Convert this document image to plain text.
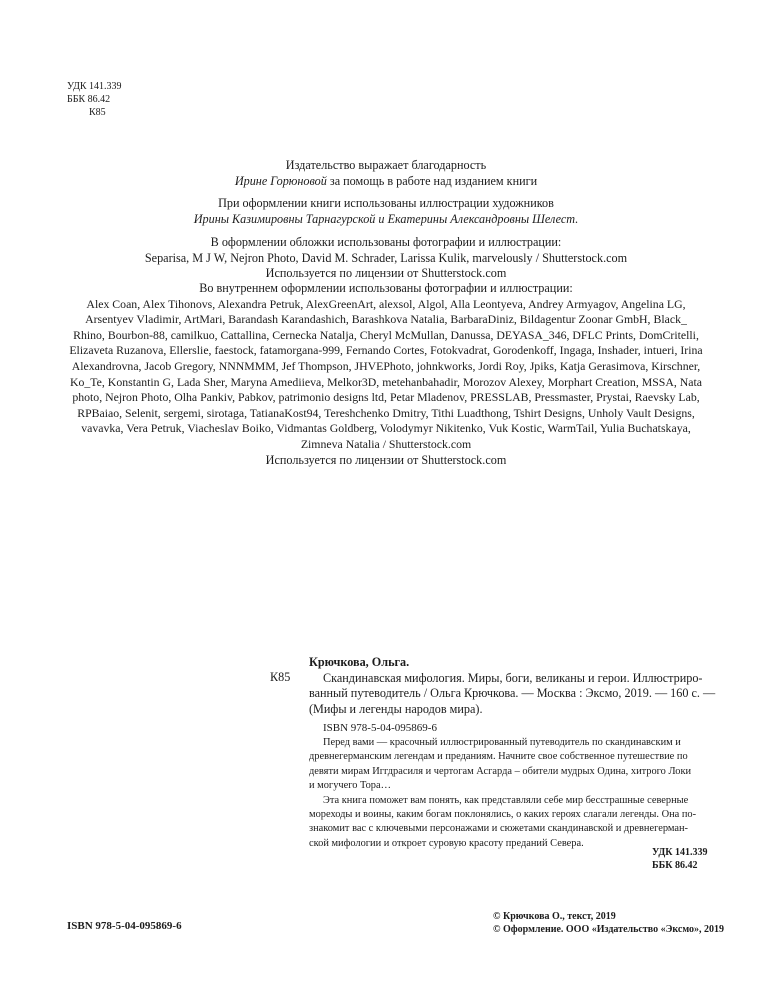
УДК 141.339
ББК 86.42
К85
Издательство выражает благодарность
Ирине Горюновой за помощь в работе над изданием книги
При оформлении книги использованы иллюстрации художников
Ирины Казимировны Тарнагурской и Екатерины Александровны Шелест.
В оформлении обложки использованы фотографии и иллюстрации:
Separisa, M J W, Nejron Photo, David M. Schrader, Larissa Kulik, marvelously / Shutterstock.com
Используется по лицензии от Shutterstock.com
Во внутреннем оформлении использованы фотографии и иллюстрации:
Alex Coan, Alex Tihonovs, Alexandra Petruk, AlexGreenArt, alexsol, Algol, Alla Leontyeva, Andrey Armyagov, Angelina LG,
Arsentyev Vladimir, ArtMari, Barandash Karandashich, Barashkova Natalia, BarbaraDiniz, Bildagentur Zoonar GmbH, Black_
Rhino, Bourbon-88, camilkuo, Cattallina, Cernecka Natalja, Cheryl McMullan, Danussa, DEYASA_346, DFLC Prints, DomCritelli,
Elizaveta Ruzanova, Ellerslie, faestock, fatamorgana-999, Fernando Cortes, Fotokvadrat, Gorodenkoff, Ingaga, Inshader, intueri, Irina
Alexandrovna, Jacob Gregory, NNNMMM, Jef Thompson, JHVEPhoto, johnkworks, Jordi Roy, Jpiks, Katja Gerasimova, Kirschner,
Ko_Te, Konstantin G, Lada Sher, Maryna Amediieva, Melkor3D, metehanbahadir, Morozov Alexey, Morphart Creation, MSSA, Nata
photo, Nejron Photo, Olha Pankiv, Pabkov, patrimonio designs ltd, Petar Mladenov, PRESSLAB, Pressmaster, Prystai, Raevsky Lab,
RPBaiao, Selenit, sergemi, sirotaga, TatianaKost94, Tereshchenko Dmitry, Tithi Luadthong, Tshirt Designs, Unholy Vault Designs,
vavavka, Vera Petruk, Viacheslav Boiko, Vidmantas Goldberg, Volodymyr Nikitenko, Vuk Kostic, WarmTail, Yulia Buchatskaya,
Zimneva Natalia / Shutterstock.com
Используется по лицензии от Shutterstock.com
К85
Крючкова, Ольга.
Скандинавская мифология. Миры, боги, великаны и герои. Иллюстриро-
ванный путеводитель / Ольга Крючкова. — Москва : Эксмо, 2019. — 160 с. —
(Мифы и легенды народов мира).
ISBN 978-5-04-095869-6
Перед вами — красочный иллюстрированный путеводитель по скандинавским и
древнегерманским легендам и преданиям. Начните свое собственное путешествие по
девяти мирам Иггдрасиля и чертогам Асгарда – обители мудрых Одина, хитрого Локи
и могучего Тора…
Эта книга поможет вам понять, как представляли себе мир бесстрашные северные
мореходы и воины, каким богам поклонялись, о каких героях слагали легенды. Она по-
знакомит вас с ключевыми персонажами и сюжетами скандинавской и древнегерман-
ской мифологии и откроет суровую красоту преданий Севера.
УДК 141.339
ББК 86.42
ISBN 978-5-04-095869-6
© Крючкова О., текст, 2019
© Оформление. ООО «Издательство «Эксмо», 2019
